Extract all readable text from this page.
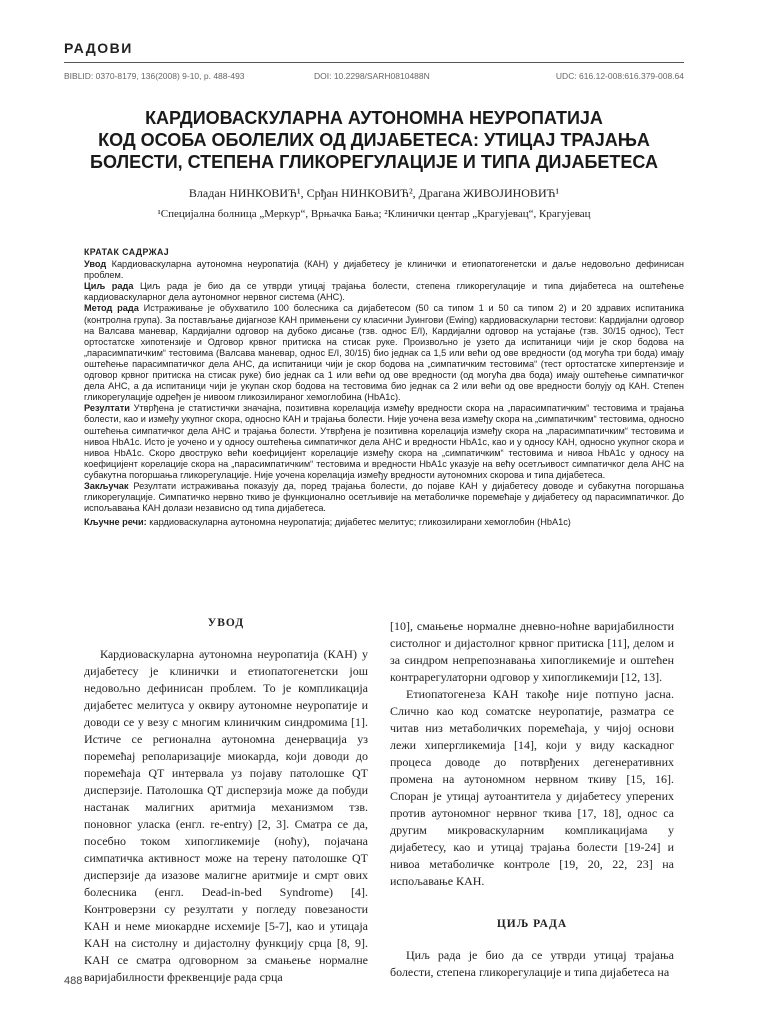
РАДОВИ
BIBLID: 0370-8179, 136(2008) 9-10, p. 488-493	DOI: 10.2298/SARH0810488N	UDC: 616.12-008:616.379-008.64
КАРДИОВАСКУЛАРНА АУТОНОМНА НЕУРОПАТИЈА
КОД ОСОБА ОБОЛЕЛИХ ОД ДИЈАБЕТЕСА: УТИЦАЈ ТРАЈАЊА
БОЛЕСТИ, СТЕПЕНА ГЛИКОРЕГУЛАЦИЈЕ И ТИПА ДИЈАБЕТЕСА
Владан НИНКОВИЋ¹, Срђан НИНКОВИЋ², Драгана ЖИВОЈИНОВИЋ¹
¹Специјална болница „Меркур“, Врњачка Бања; ²Клинички центар „Крагујевац“, Крагујевац
КРАТАК САДРЖАЈ

Увод Кардиоваскуларна аутономна неуропатија (КАН) у дијабетесу је клинички и етиопатогенетски и даље недовољно дефинисан проблем.

Циљ рада Циљ рада је био да се утврди утицај трајања болести, степена гликорегулације и типа дијабетеса на оштећење кардиоваскуларног дела аутономног нервног система (АНС).

Метод рада Истраживање је обухватило 100 болесника са дијабетесом (50 са типом 1 и 50 са типом 2) и 20 здравих испитаника (контролна група). За постављање дијагнозе КАН примењени су класични Јуингови (Ewing) кардиоваскуларни тестови: Кардијални одговор на Валсава маневар, Кардијални одговор на дубоко дисање (тзв. однос E/I), Кардијални одговор на устајање (тзв. 30/15 однос), Тест ортостатске хипотензије и Одговор крвног притиска на стисак руке. Произвољно је узето да испитаници чији је скор бодова на „парасимпатичким“ тестовима (Валсава маневар, однос E/I, 30/15) био једнак са 1,5 или већи од ове вредности (од могућа три бода) имају оштећење парасимпатичког дела АНС, да испитаници чији је скор бодова на „симпатичким тестовима“ (тест ортостатске хипертензије и одговор крвног притиска на стисак руке) био једнак са 1 или већи од ове вредности (од могућа два бода) имају оштећење симпатичког дела АНС, а да испитаници чији је укупан скор бодова на тестовима био једнак са 2 или већи од ове вредности болују од КАН. Степен гликорегулације одређен је нивоом гликозилираног хемоглобина (HbA1c).

Резултати Утврђена је статистички значајна, позитивна корелација између вредности скора на „парасимпатичким“ тестовима и трајања болести, као и између укупног скора, односно КАН и трајања болести. Није уочена веза између скора на „симпатичким“ тестовима, односно оштећења симпатичког дела АНС и трајања болести. Утврђена је позитивна корелација између скора на „парасимпатичким“ тестовима и нивоа HbA1c. Исто је уочено и у односу оштећења симпатичког дела АНС и вредности HbA1c, као и у односу КАН, односно укупног скора и нивоа HbA1c. Скоро двоструко већи коефицијент корелације између скора на „симпатичким“ тестовима и нивоа HbA1c у односу на коефицијент корелације скора на „парасимпатичким“ тестовима и вредности HbA1c указује на већу осетљивост симпатичког дела АНС на субакутна погоршања гликорегулације. Није уочена корелација између вредности аутономних скорова и типа дијабетеса.

Закључак Резултати истраживања показују да, поред трајања болести, до појаве КАН у дијабетесу доводе и субакутна погоршања гликорегулације. Симпатичко нервно ткиво је функционално осетљивије на метаболичке поремећаје у дијабетесу од парасимпатичког. До испољавања КАН долази независно од типа дијабетеса.

Кључне речи: кардиоваскуларна аутономна неуропатија; дијабетес мелитус; гликозилирани хемоглобин (HbA1c)

УВОД

Кардиоваскуларна аутономна неуропатија (КАН) у дијабетесу је клинички и етиопатогенетски још недовољно дефинисан проблем. То је компликација дијабетес мелитуса у оквиру аутономне неуропатије и доводи се у везу с многим клиничким синдромима [1]. Истиче се регионална аутономна денервација уз поремећај реполаризације миокарда, који доводи до поремећаја QT интервала уз појаву патолошке QT дисперзије. Патолошка QT дисперзија може да побуди настанак малигних аритмија механизмом тзв. поновног уласка (енгл. re-entry) [2, 3]. Сматра се да, посебно током хипогликемије (ноћу), појачана симпатичка активност може на терену патолошке QT дисперзије да изазове малигне аритмије и смрт ових болесника (енгл. Dead-in-bed Syndrome) [4]. Контроверзни су резултати у погледу повезаности КАН и неме миокардне исхемије [5-7], као и утицаја КАН на систолну и дијастолну функцију срца [8, 9]. КАН се сматра одговорном за смањење нормалне варијабилности фреквенције рада срца

[10], смањење нормалне дневно-ноћне варијабилности систолног и дијастолног крвног притиска [11], делом и за синдром непрепознавања хипогликемије и оштећен контрарегулаторни одговор у хипогликемији [12, 13].

Етиопатогенеза КАН такође није потпуно јасна. Слично као код соматске неуропатије, разматра се читав низ метаболичких поремећаја, у чијој основи лежи хипергликемија [14], који у виду каскадног процеса доводе до потврђених дегенеративних промена на аутономном нервном ткиву [15, 16]. Споран је утицај аутоантитела у дијабетесу уперених против аутономног нервног ткива [17, 18], однос са другим микроваскуларним компликацијама у дијабетесу, као и утицај трајања болести [19-24] и нивоа метаболичке контроле [19, 20, 22, 23] на испољавање КАН.

ЦИЉ РАДА

Циљ рада је био да се утврди утицај трајања болести, степена гликорегулације и типа дијабетеса на

488
